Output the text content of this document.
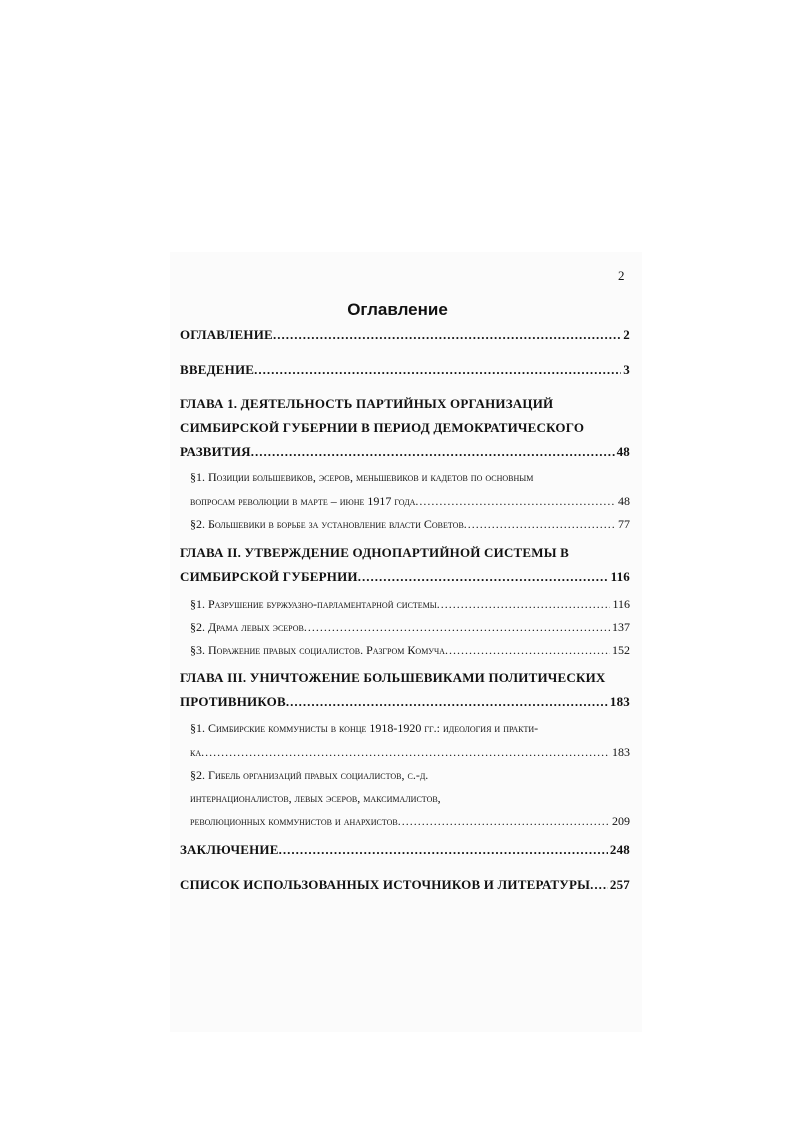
2
Оглавление
ОГЛАВЛЕНИЕ .....	2
ВВЕДЕНИЕ .....	3
ГЛАВА 1. ДЕЯТЕЛЬНОСТЬ ПАРТИЙНЫХ ОРГАНИЗАЦИЙ
СИМБИРСКОЙ ГУБЕРНИИ В ПЕРИОД ДЕМОКРАТИЧЕСКОГО
РАЗВИТИЯ .....	48
§1. Позиции большевиков, эсеров, меньшевиков и кадетов по основным
вопросам революции в марте – июне 1917 года .....	48
§2. Большевики в борьбе за установление власти Советов .....	77
ГЛАВА II. УТВЕРЖДЕНИЕ ОДНОПАРТИЙНОЙ СИСТЕМЫ В
СИМБИРСКОЙ ГУБЕРНИИ .....	116
§1. Разрушение буржуазно-парламентарной системы .....	116
§2. Драма левых эсеров .....	137
§3. Поражение правых социалистов. Разгром Комуча .....	152
ГЛАВА III. УНИЧТОЖЕНИЕ БОЛЬШЕВИКАМИ ПОЛИТИЧЕСКИХ
ПРОТИВНИКОВ .....	183
§1. Симбирские коммунисты в конце 1918-1920 гг.: идеология и практи-
ка .....	183
§2. Гибель организаций правых социалистов, с.-д.
интернационалистов, левых эсеров, максималистов,
революционных коммунистов и анархистов .....	209
ЗАКЛЮЧЕНИЕ .....	248
СПИСОК ИСПОЛЬЗОВАННЫХ ИСТОЧНИКОВ И ЛИТЕРАТУРЫ ..... 257
